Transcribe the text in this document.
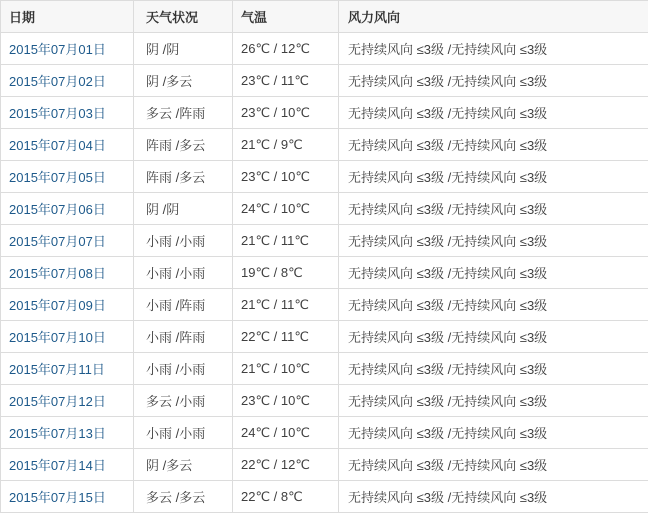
日期	天气状况	气温	风力风向
2015年07月01日	阴 /阴	26℃ / 12℃	无持续风向 ≤3级 /无持续风向 ≤3级
2015年07月02日	阴 /多云	23℃ / 11℃	无持续风向 ≤3级 /无持续风向 ≤3级
2015年07月03日	多云 /阵雨	23℃ / 10℃	无持续风向 ≤3级 /无持续风向 ≤3级
2015年07月04日	阵雨 /多云	21℃ / 9℃	无持续风向 ≤3级 /无持续风向 ≤3级
2015年07月05日	阵雨 /多云	23℃ / 10℃	无持续风向 ≤3级 /无持续风向 ≤3级
2015年07月06日	阴 /阴	24℃ / 10℃	无持续风向 ≤3级 /无持续风向 ≤3级
2015年07月07日	小雨 /小雨	21℃ / 11℃	无持续风向 ≤3级 /无持续风向 ≤3级
2015年07月08日	小雨 /小雨	19℃ / 8℃	无持续风向 ≤3级 /无持续风向 ≤3级
2015年07月09日	小雨 /阵雨	21℃ / 11℃	无持续风向 ≤3级 /无持续风向 ≤3级
2015年07月10日	小雨 /阵雨	22℃ / 11℃	无持续风向 ≤3级 /无持续风向 ≤3级
2015年07月11日	小雨 /小雨	21℃ / 10℃	无持续风向 ≤3级 /无持续风向 ≤3级
2015年07月12日	多云 /小雨	23℃ / 10℃	无持续风向 ≤3级 /无持续风向 ≤3级
2015年07月13日	小雨 /小雨	24℃ / 10℃	无持续风向 ≤3级 /无持续风向 ≤3级
2015年07月14日	阴 /多云	22℃ / 12℃	无持续风向 ≤3级 /无持续风向 ≤3级
2015年07月15日	多云 /多云	22℃ / 8℃	无持续风向 ≤3级 /无持续风向 ≤3级
